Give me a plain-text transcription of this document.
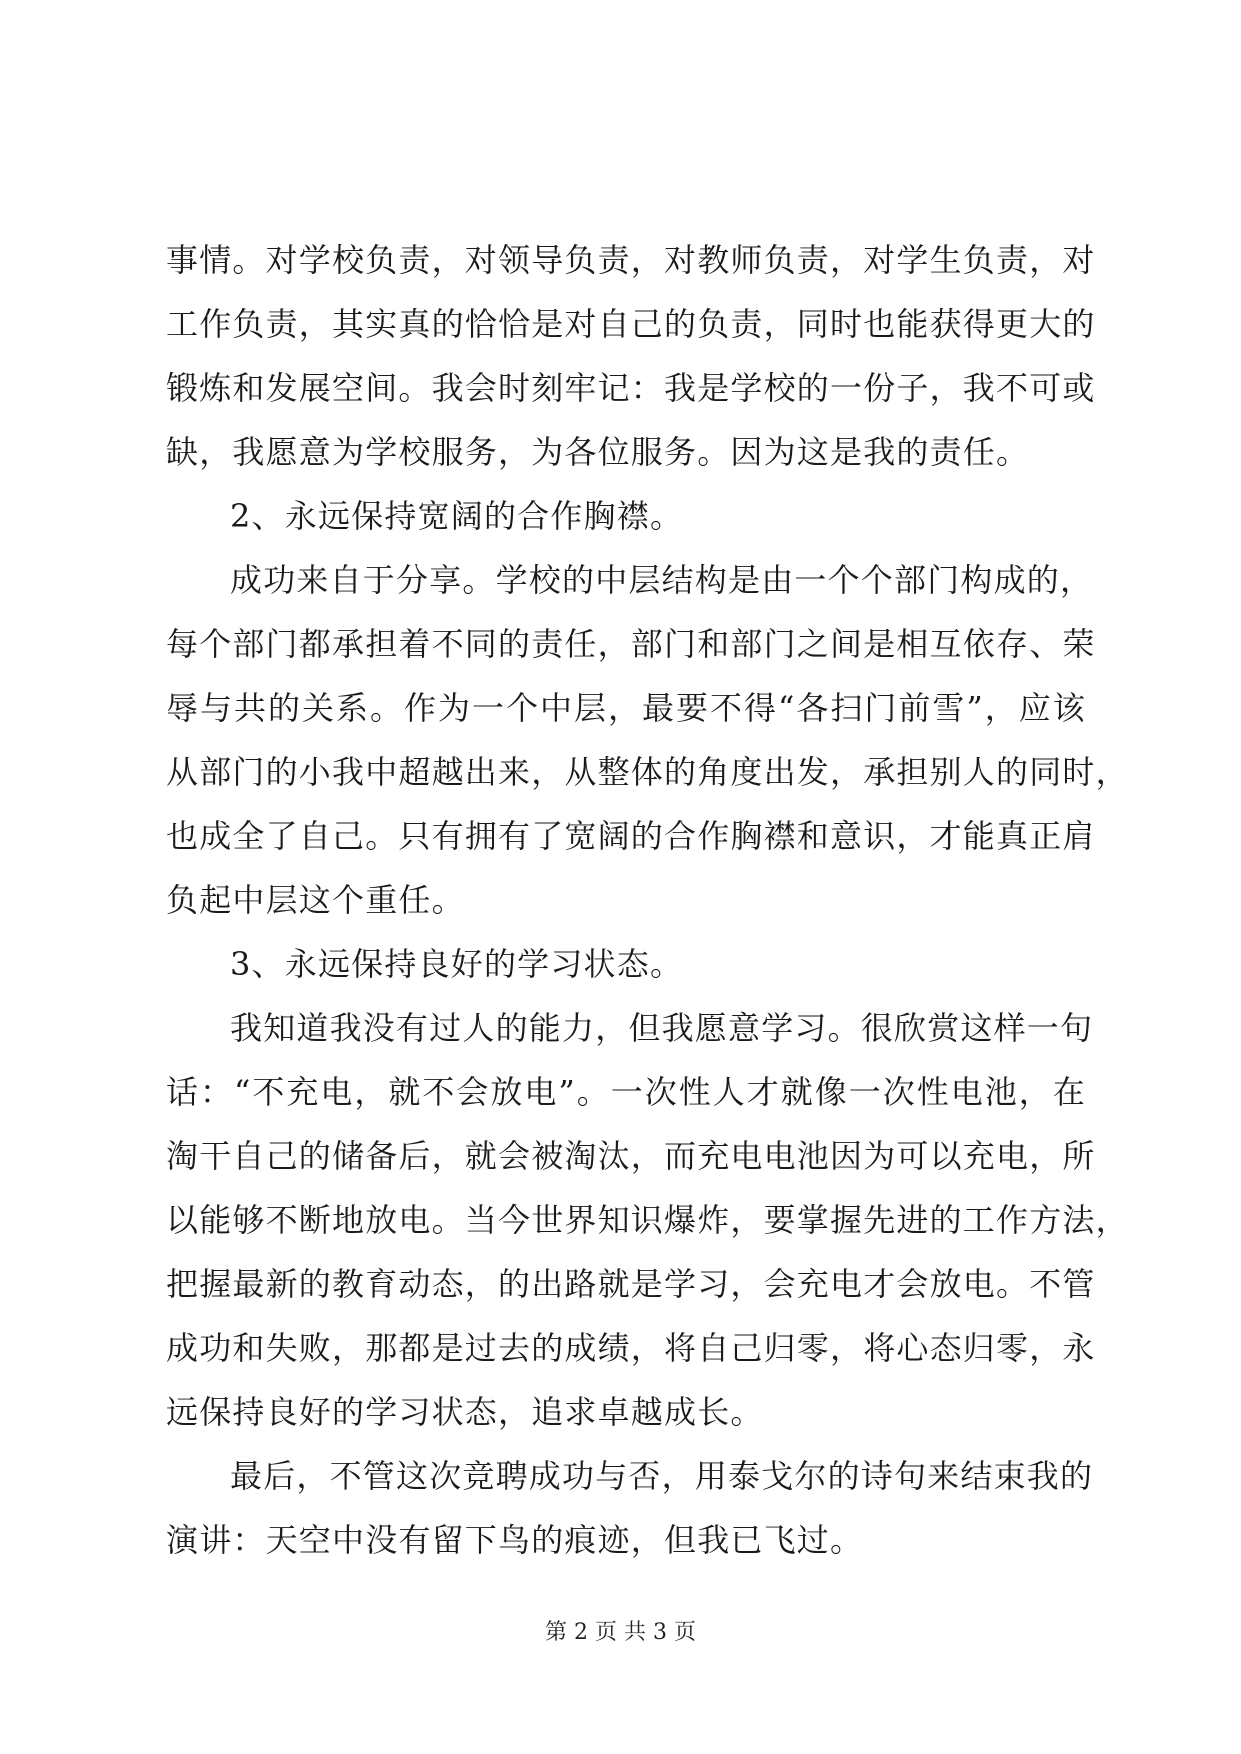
事情。对学校负责，对领导负责，对教师负责，对学生负责，对
工作负责，其实真的恰恰是对自己的负责，同时也能获得更大的
锻炼和发展空间。我会时刻牢记：我是学校的一份子，我不可或
缺，我愿意为学校服务，为各位服务。因为这是我的责任。
2、永远保持宽阔的合作胸襟。
成功来自于分享。学校的中层结构是由一个个部门构成的，
每个部门都承担着不同的责任，部门和部门之间是相互依存、荣
辱与共的关系。作为一个中层，最要不得“各扫门前雪”，应该
从部门的小我中超越出来，从整体的角度出发，承担别人的同时，
也成全了自己。只有拥有了宽阔的合作胸襟和意识，才能真正肩
负起中层这个重任。
3、永远保持良好的学习状态。
我知道我没有过人的能力，但我愿意学习。很欣赏这样一句
话：“不充电，就不会放电”。一次性人才就像一次性电池，在
淘干自己的储备后，就会被淘汰，而充电电池因为可以充电，所
以能够不断地放电。当今世界知识爆炸，要掌握先进的工作方法，
把握最新的教育动态，的出路就是学习，会充电才会放电。不管
成功和失败，那都是过去的成绩，将自己归零，将心态归零，永
远保持良好的学习状态，追求卓越成长。
最后，不管这次竞聘成功与否，用泰戈尔的诗句来结束我的
演讲：天空中没有留下鸟的痕迹，但我已飞过。
第 2 页 共 3 页
